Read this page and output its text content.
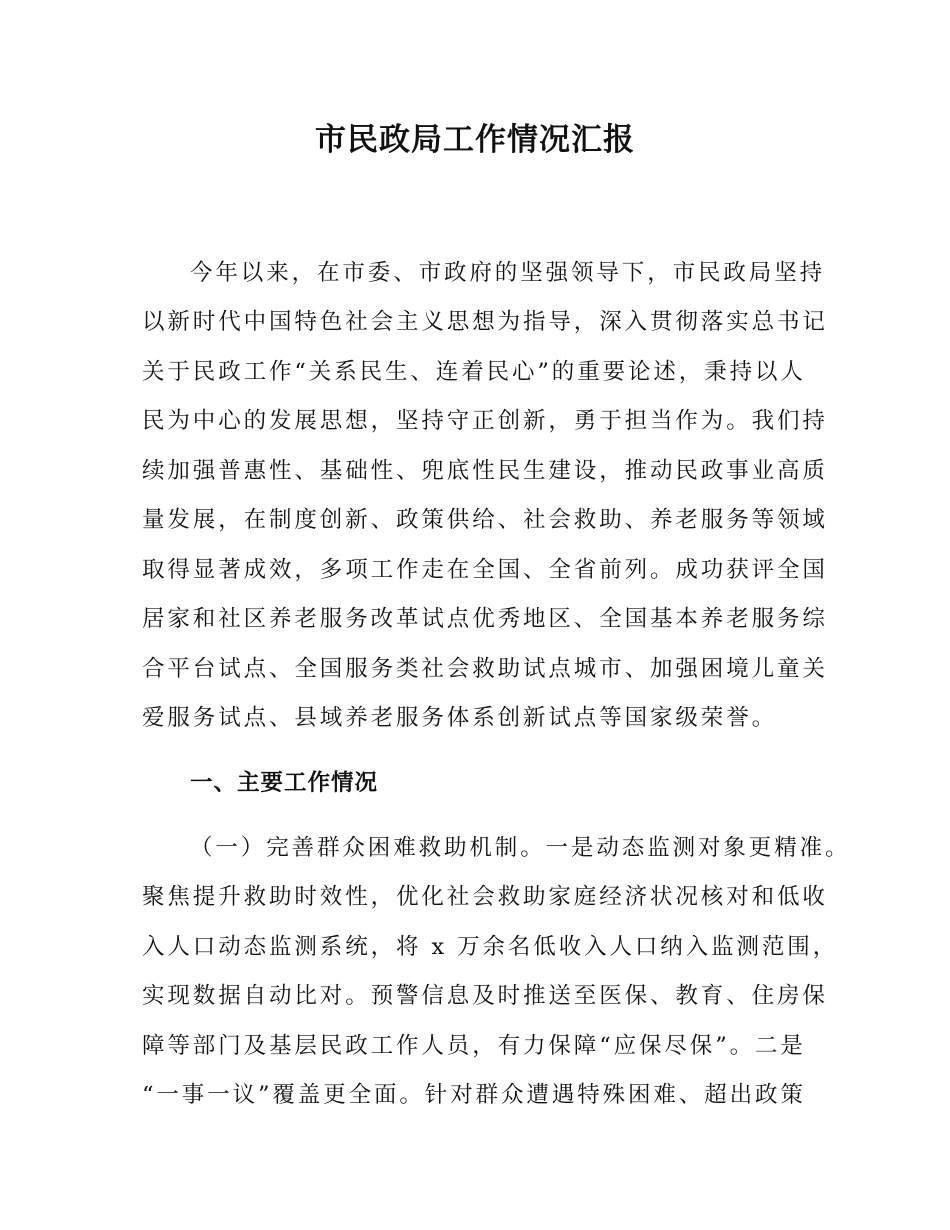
市民政局工作情况汇报

今年以来，在市委、市政府的坚强领导下，市民政局坚持

以新时代中国特色社会主义思想为指导，深入贯彻落实总书记

关于民政工作“关系民生、连着民心”的重要论述，秉持以人

民为中心的发展思想，坚持守正创新，勇于担当作为。我们持

续加强普惠性、基础性、兜底性民生建设，推动民政事业高质

量发展，在制度创新、政策供给、社会救助、养老服务等领域

取得显著成效，多项工作走在全国、全省前列。成功获评全国

居家和社区养老服务改革试点优秀地区、全国基本养老服务综

合平台试点、全国服务类社会救助试点城市、加强困境儿童关

爱服务试点、县域养老服务体系创新试点等国家级荣誉。

一、主要工作情况

（一）完善群众困难救助机制。一是动态监测对象更精准。

聚焦提升救助时效性，优化社会救助家庭经济状况核对和低收

入人口动态监测系统，将 x 万余名低收入人口纳入监测范围，

实现数据自动比对。预警信息及时推送至医保、教育、住房保

障等部门及基层民政工作人员，有力保障“应保尽保”。二是

“一事一议”覆盖更全面。针对群众遭遇特殊困难、超出政策
